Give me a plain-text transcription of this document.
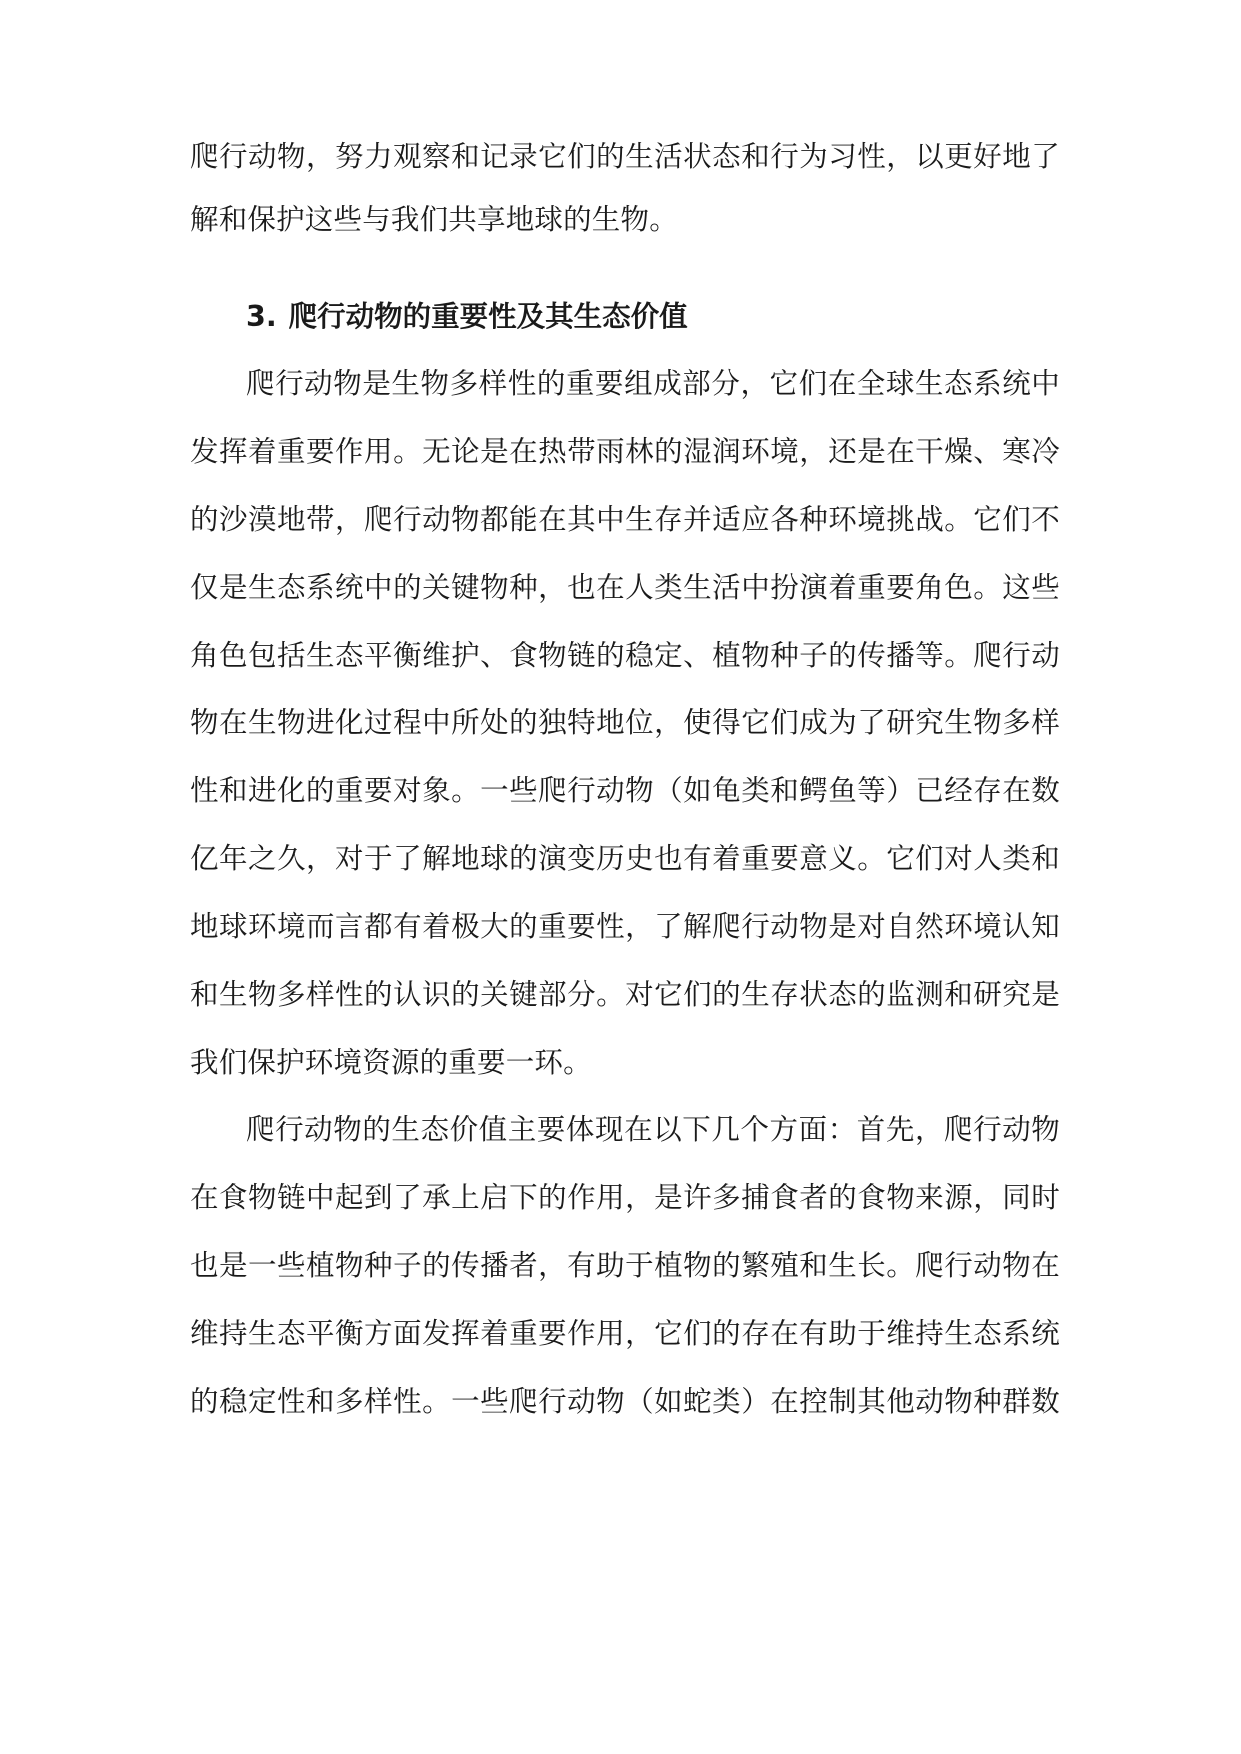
爬行动物，努力观察和记录它们的生活状态和行为习性，以更好地了
解和保护这些与我们共享地球的生物。
3. 爬行动物的重要性及其生态价值
爬行动物是生物多样性的重要组成部分，它们在全球生态系统中
发挥着重要作用。无论是在热带雨林的湿润环境，还是在干燥、寒冷
的沙漠地带，爬行动物都能在其中生存并适应各种环境挑战。它们不
仅是生态系统中的关键物种，也在人类生活中扮演着重要角色。这些
角色包括生态平衡维护、食物链的稳定、植物种子的传播等。爬行动
物在生物进化过程中所处的独特地位，使得它们成为了研究生物多样
性和进化的重要对象。一些爬行动物（如龟类和鳄鱼等）已经存在数
亿年之久，对于了解地球的演变历史也有着重要意义。它们对人类和
地球环境而言都有着极大的重要性，了解爬行动物是对自然环境认知
和生物多样性的认识的关键部分。对它们的生存状态的监测和研究是
我们保护环境资源的重要一环。
爬行动物的生态价值主要体现在以下几个方面：首先，爬行动物
在食物链中起到了承上启下的作用，是许多捕食者的食物来源，同时
也是一些植物种子的传播者，有助于植物的繁殖和生长。爬行动物在
维持生态平衡方面发挥着重要作用，它们的存在有助于维持生态系统
的稳定性和多样性。一些爬行动物（如蛇类）在控制其他动物种群数
